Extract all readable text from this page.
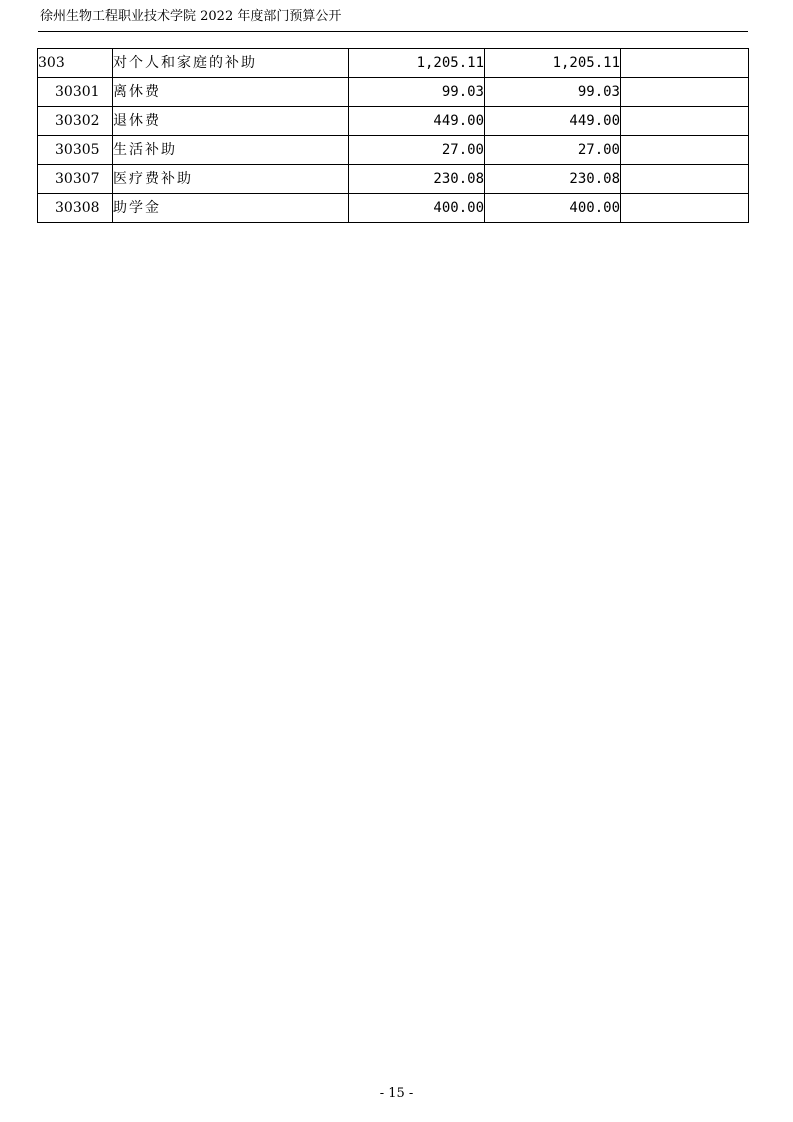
徐州生物工程职业技术学院 2022 年度部门预算公开
303	对个人和家庭的补助	1,205.11	1,205.11	
30301	离休费	99.03	99.03	
30302	退休费	449.00	449.00	
30305	生活补助	27.00	27.00	
30307	医疗费补助	230.08	230.08	
30308	助学金	400.00	400.00	
- 15 -
